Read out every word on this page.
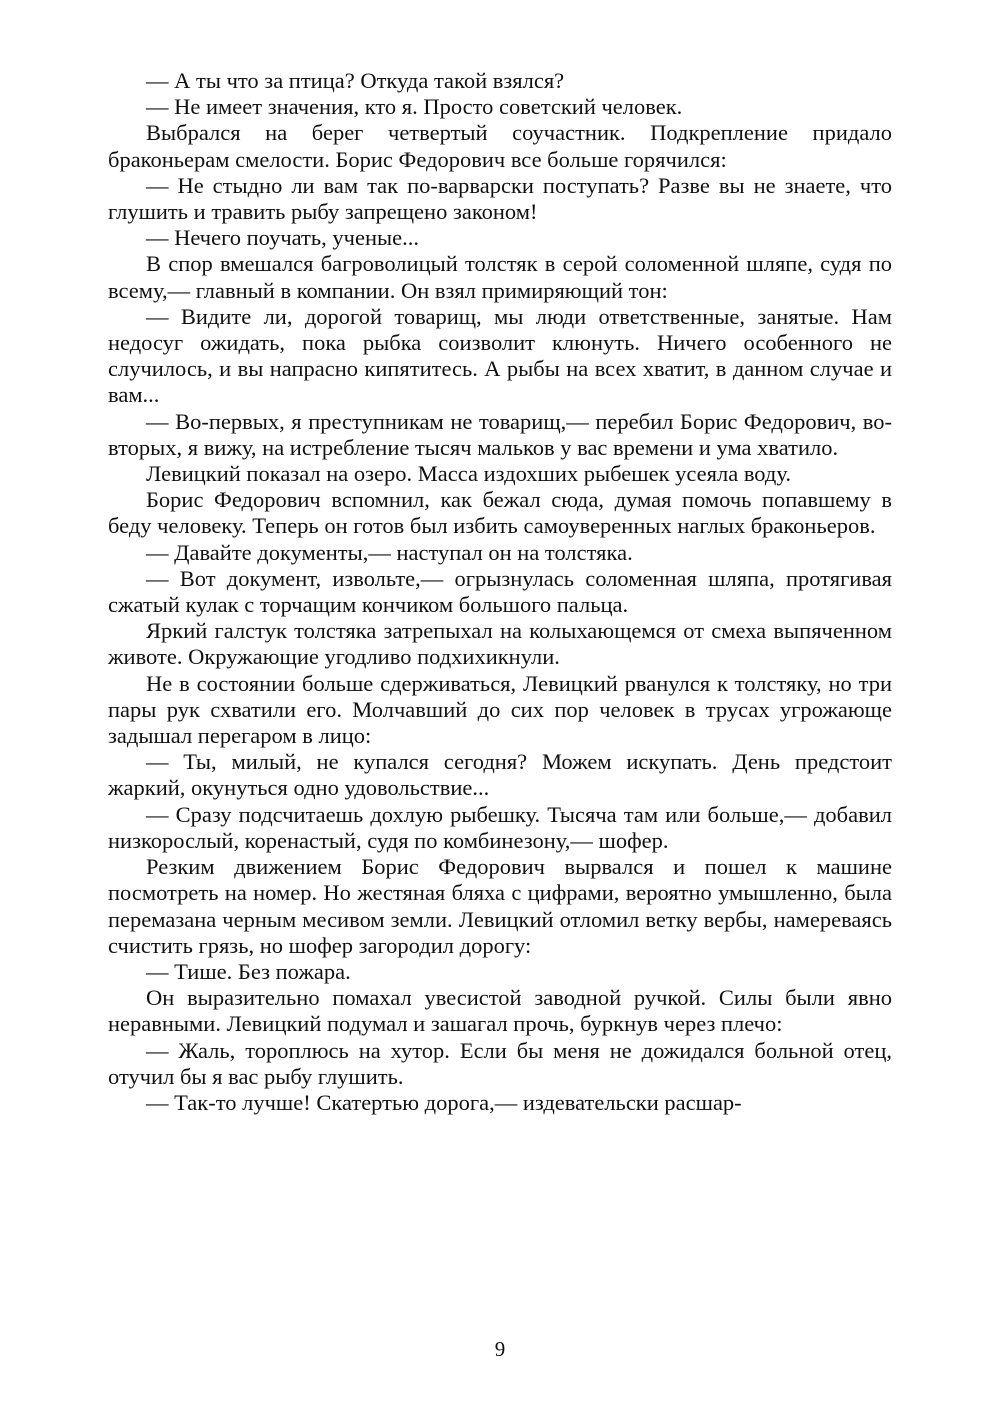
— А ты что за птица? Откуда такой взялся?

— Не имеет значения, кто я. Просто советский человек.

Выбрался на берег четвертый соучастник. Подкрепление придало браконьерам смелости. Борис Федорович все больше горячился:

— Не стыдно ли вам так по-варварски поступать? Разве вы не знаете, что глушить и травить рыбу запрещено законом!

— Нечего поучать, ученые...

В спор вмешался багроволицый толстяк в серой соломенной шляпе, судя по всему,— главный в компании. Он взял примиряющий тон:

— Видите ли, дорогой товарищ, мы люди ответственные, занятые. Нам недосуг ожидать, пока рыбка соизволит клюнуть. Ничего особенного не случилось, и вы напрасно кипятитесь. А рыбы на всех хватит, в данном случае и вам...

— Во-первых, я преступникам не товарищ,— перебил Борис Федорович, во-вторых, я вижу, на истребление тысяч мальков у вас времени и ума хватило.

Левицкий показал на озеро. Масса издохших рыбешек усеяла воду.

Борис Федорович вспомнил, как бежал сюда, думая помочь попавшему в беду человеку. Теперь он готов был избить самоуверенных наглых браконьеров.

— Давайте документы,— наступал он на толстяка.

— Вот документ, извольте,— огрызнулась соломенная шляпа, протягивая сжатый кулак с торчащим кончиком большого пальца.

Яркий галстук толстяка затрепыхал на колыхающемся от смеха выпяченном животе. Окружающие угодливо подхихикнули.

Не в состоянии больше сдерживаться, Левицкий рванулся к толстяку, но три пары рук схватили его. Молчавший до сих пор человек в трусах угрожающе задышал перегаром в лицо:

— Ты, милый, не купался сегодня? Можем искупать. День предстоит жаркий, окунуться одно удовольствие...

— Сразу подсчитаешь дохлую рыбешку. Тысяча там или больше,— добавил низкорослый, коренастый, судя по комбинезону,— шофер.

Резким движением Борис Федорович вырвался и пошел к машине посмотреть на номер. Но жестяная бляха с цифрами, вероятно умышленно, была перемазана черным месивом земли. Левицкий отломил ветку вербы, намереваясь счистить грязь, но шофер загородил дорогу:

— Тише. Без пожара.

Он выразительно помахал увесистой заводной ручкой. Силы были явно неравными. Левицкий подумал и зашагал прочь, буркнув через плечо:

— Жаль, тороплюсь на хутор. Если бы меня не дожидался больной отец, отучил бы я вас рыбу глушить.

— Так-то лучше! Скатертью дорога,— издевательски расшар-

9
